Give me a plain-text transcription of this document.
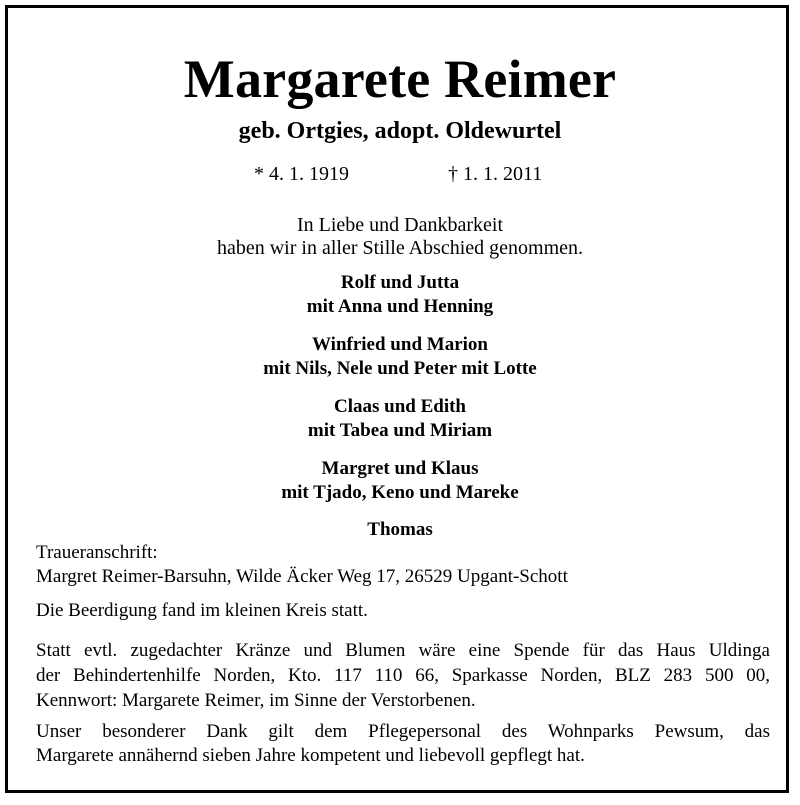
Margarete Reimer
geb. Ortgies, adopt. Oldewurtel
* 4. 1. 1919	† 1. 1. 2011
In Liebe und Dankbarkeit
haben wir in aller Stille Abschied genommen.
Rolf und Jutta
mit Anna und Henning
Winfried und Marion
mit Nils, Nele und Peter mit Lotte
Claas und Edith
mit Tabea und Miriam
Margret und Klaus
mit Tjado, Keno und Mareke
Thomas
Traueranschrift:
Margret Reimer-Barsuhn, Wilde Äcker Weg 17, 26529 Upgant-Schott
Die Beerdigung fand im kleinen Kreis statt.
Statt evtl. zugedachter Kränze und Blumen wäre eine Spende für das Haus Uldinga
der Behindertenhilfe Norden, Kto. 117 110 66, Sparkasse Norden, BLZ 283 500 00,
Kennwort: Margarete Reimer, im Sinne der Verstorbenen.
Unser besonderer Dank gilt dem Pflegepersonal des Wohnparks Pewsum, das
Margarete annähernd sieben Jahre kompetent und liebevoll gepflegt hat.
